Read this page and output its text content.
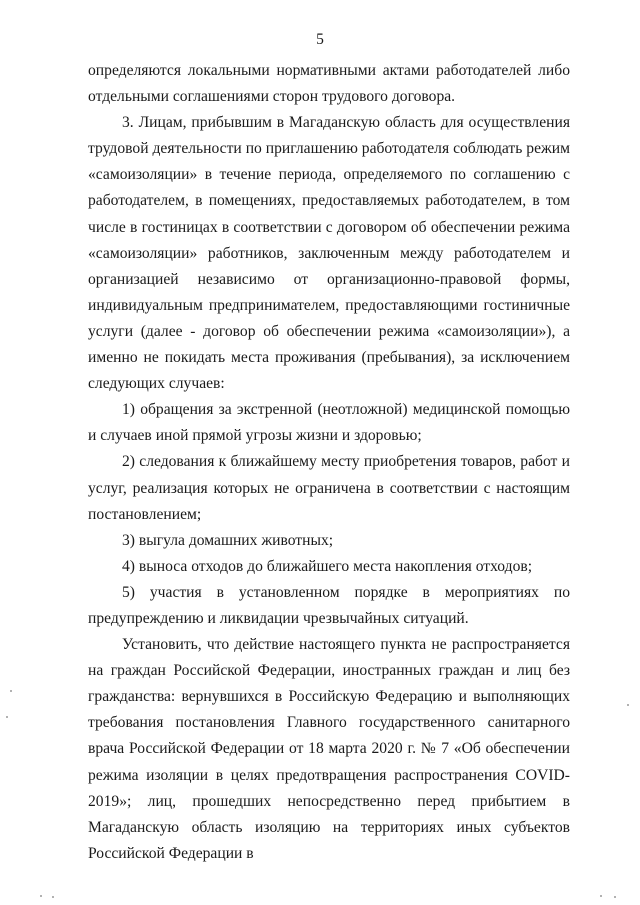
5

определяются локальными нормативными актами работодателей либо отдельными соглашениями сторон трудового договора.

3. Лицам, прибывшим в Магаданскую область для осуществления трудовой деятельности по приглашению работодателя соблюдать режим «самоизоляции» в течение периода, определяемого по соглашению с работодателем, в помещениях, предоставляемых работодателем, в том числе в гостиницах в соответствии с договором об обеспечении режима «самоизоляции» работников, заключенным между работодателем и организацией независимо от организационно-правовой формы, индивидуальным предпринимателем, предоставляющими гостиничные услуги (далее - договор об обеспечении режима «самоизоляции»), а именно не покидать места проживания (пребывания), за исключением следующих случаев:

1) обращения за экстренной (неотложной) медицинской помощью и случаев иной прямой угрозы жизни и здоровью;

2) следования к ближайшему месту приобретения товаров, работ и услуг, реализация которых не ограничена в соответствии с настоящим постановлением;

3) выгула домашних животных;

4) выноса отходов до ближайшего места накопления отходов;

5) участия в установленном порядке в мероприятиях по предупреждению и ликвидации чрезвычайных ситуаций.

Установить, что действие настоящего пункта не распространяется на граждан Российской Федерации, иностранных граждан и лиц без гражданства: вернувшихся в Российскую Федерацию и выполняющих требования постановления Главного государственного санитарного врача Российской Федерации от 18 марта 2020 г. № 7 «Об обеспечении режима изоляции в целях предотвращения распространения COVID-2019»; лиц, прошедших непосредственно перед прибытием в Магаданскую область изоляцию на территориях иных субъектов Российской Федерации в
